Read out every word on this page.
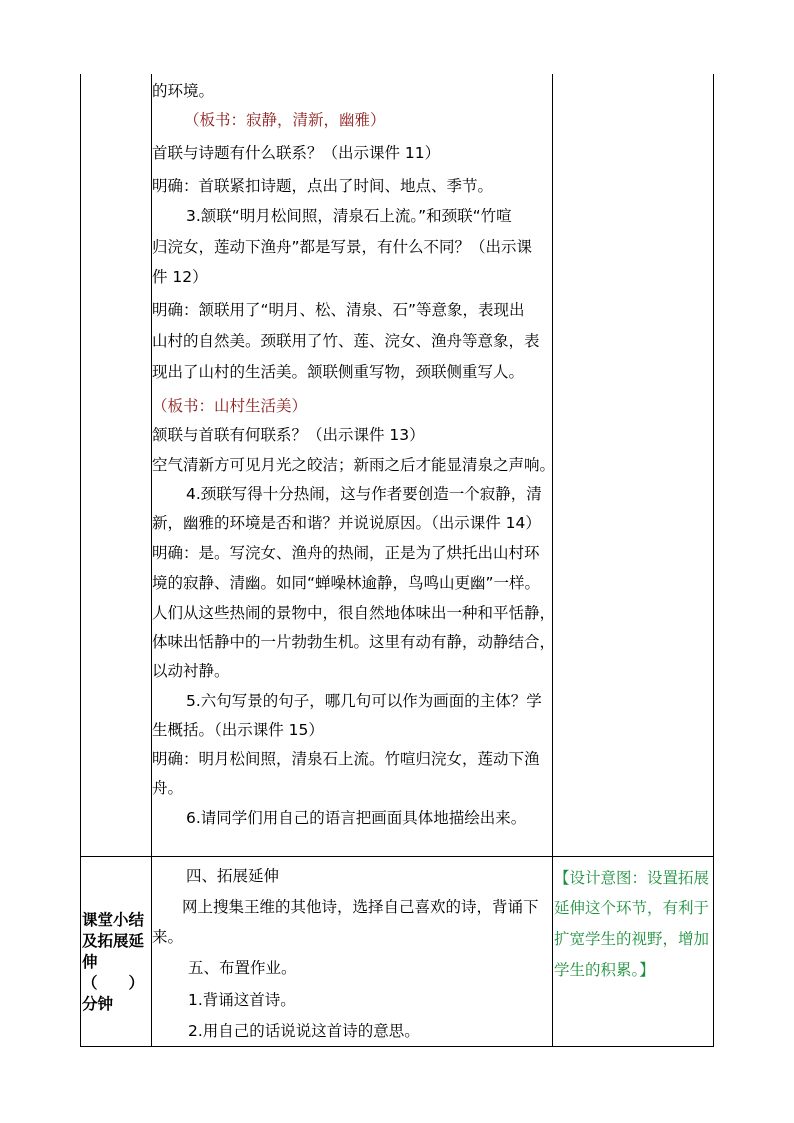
的环境。
（板书：寂静，清新，幽雅）
首联与诗题有什么联系？（出示课件 11）
明确：首联紧扣诗题，点出了时间、地点、季节。
3.颔联“明月松间照，清泉石上流。”和颈联“竹喧
归浣女，莲动下渔舟”都是写景，有什么不同？（出示课
件 12）
明确：颔联用了“明月、松、清泉、石”等意象，表现出
山村的自然美。颈联用了竹、莲、浣女、渔舟等意象，表
现出了山村的生活美。颔联侧重写物，颈联侧重写人。
（板书：山村生活美）
颔联与首联有何联系？（出示课件 13）
空气清新方可见月光之皎洁；新雨之后才能显清泉之声响。
4.颈联写得十分热闹，这与作者要创造一个寂静，清
新，幽雅的环境是否和谐？并说说原因。（出示课件 14）
明确：是。写浣女、渔舟的热闹，正是为了烘托出山村环
境的寂静、清幽。如同“蝉噪林逾静，鸟鸣山更幽”一样。
人们从这些热闹的景物中，很自然地体味出一种和平恬静，
体味出恬静中的一片勃勃生机。这里有动有静，动静结合，
以动衬静。
5.六句写景的句子，哪几句可以作为画面的主体？学
生概括。（出示课件 15）
明确：明月松间照，清泉石上流。竹喧归浣女，莲动下渔
舟。
6.请同学们用自己的语言把画面具体地描绘出来。
课堂小结
及拓展延
伸（　　）
分钟
四、拓展延伸
网上搜集王维的其他诗，选择自己喜欢的诗，背诵下
来。
五、布置作业。
1.背诵这首诗。
2.用自己的话说说这首诗的意思。
【设计意图：设置拓展
延伸这个环节，有利于
扩宽学生的视野，增加
学生的积累。】
